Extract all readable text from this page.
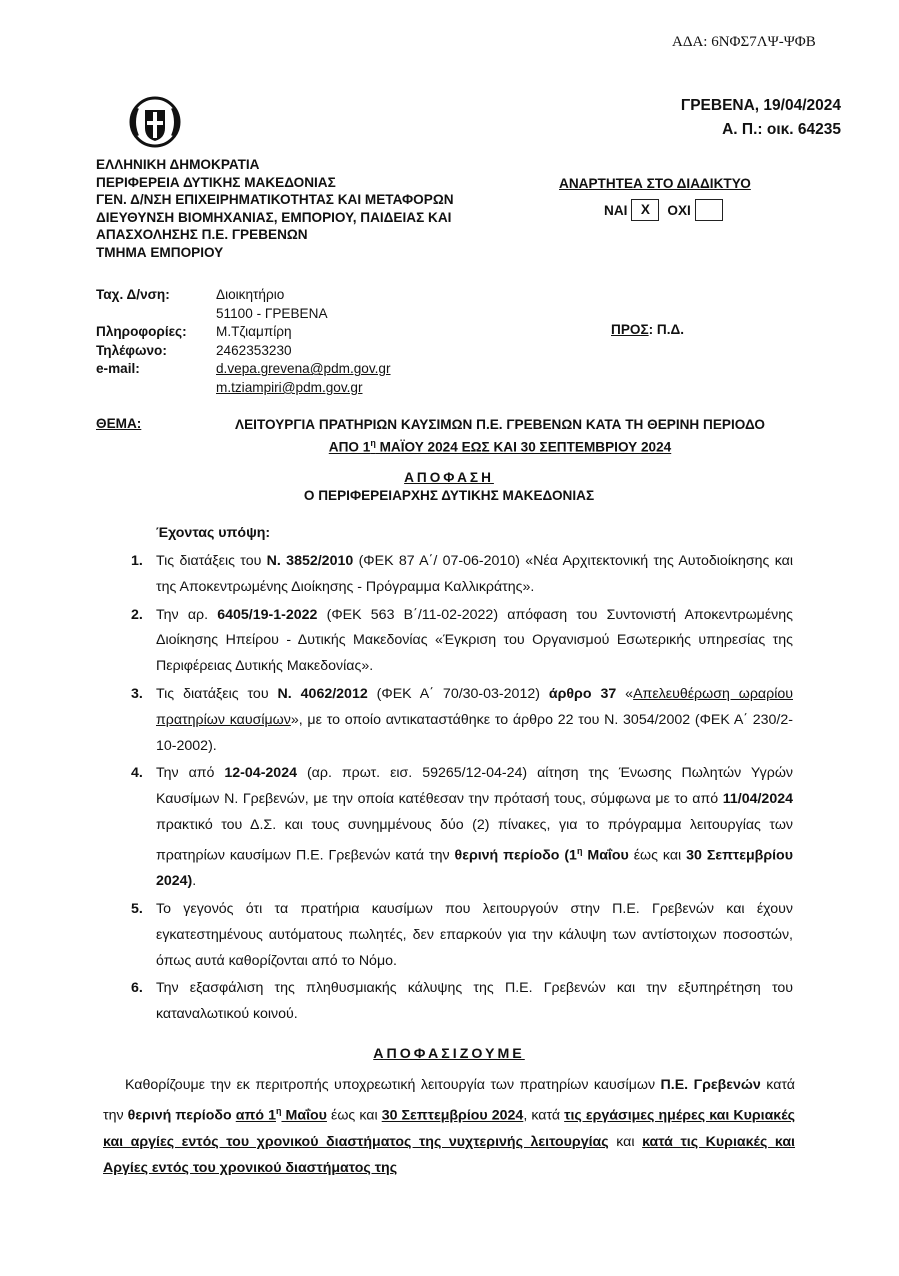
ΑΔΑ: 6ΝΦΣ7ΛΨ-ΨΦΒ
ΓΡΕΒΕΝΑ, 19/04/2024
Α. Π.: οικ. 64235
ΕΛΛΗΝΙΚΗ ΔΗΜΟΚΡΑΤΙΑ
ΠΕΡΙΦΕΡΕΙΑ ΔΥΤΙΚΗΣ ΜΑΚΕΔΟΝΙΑΣ
ΓΕΝ. Δ/ΝΣΗ ΕΠΙΧΕΙΡΗΜΑΤΙΚΟΤΗΤΑΣ ΚΑΙ ΜΕΤΑΦΟΡΩΝ
ΔΙΕΥΘΥΝΣΗ ΒΙΟΜΗΧΑΝΙΑΣ, ΕΜΠΟΡΙΟΥ, ΠΑΙΔΕΙΑΣ ΚΑΙ
ΑΠΑΣΧΟΛΗΣΗΣ Π.Ε. ΓΡΕΒΕΝΩΝ
ΤΜΗΜΑ ΕΜΠΟΡΙΟΥ
ΑΝΑΡΤΗΤΕΑ ΣΤΟ ΔΙΑΔΙΚΤΥΟ
ΝΑΙ X	ΟΧΙ
Ταχ. Δ/νση:	Διοικητήριο
51100 - ΓΡΕΒΕΝΑ
Πληροφορίες:	Μ.Τζιαμπίρη
Τηλέφωνο:	2462353230
e-mail:	d.vepa.grevena@pdm.gov.gr
m.tziampiri@pdm.gov.gr
ΠΡΟΣ: Π.Δ.
ΘΕΜΑ:	ΛΕΙΤΟΥΡΓΙΑ ΠΡΑΤΗΡΙΩΝ ΚΑΥΣΙΜΩΝ Π.Ε. ΓΡΕΒΕΝΩΝ ΚΑΤΑ ΤΗ ΘΕΡΙΝΗ ΠΕΡΙΟΔΟ
ΑΠΟ $1^\eta$ ΜΑΪΟΥ 2024 ΕΩΣ ΚΑΙ 30 ΣΕΠΤΕΜΒΡΙΟΥ 2024
ΑΠΟΦΑΣΗ
Ο ΠΕΡΙΦΕΡΕΙΑΡΧΗΣ ΔΥΤΙΚΗΣ ΜΑΚΕΔΟΝΙΑΣ
Έχοντας υπόψη:
1. Τις διατάξεις του Ν. 3852/2010 (ΦΕΚ 87 Α΄/ 07-06-2010) «Νέα Αρχιτεκτονική της Αυτοδιοίκησης και της Αποκεντρωμένης Διοίκησης - Πρόγραμμα Καλλικράτης».
2. Την αρ. 6405/19-1-2022 (ΦΕΚ 563 Β΄/11-02-2022) απόφαση του Συντονιστή Αποκεντρωμένης Διοίκησης Ηπείρου - Δυτικής Μακεδονίας «Έγκριση του Οργανισμού Εσωτερικής υπηρεσίας της Περιφέρειας Δυτικής Μακεδονίας».
3. Τις διατάξεις του Ν. 4062/2012 (ΦΕΚ Α΄ 70/30-03-2012) άρθρο 37 «Απελευθέρωση ωραρίου πρατηρίων καυσίμων», με το οποίο αντικαταστάθηκε το άρθρο 22 του Ν. 3054/2002 (ΦΕΚ Α΄ 230/2-10-2002).
4. Την από 12-04-2024 (αρ. πρωτ. εισ. 59265/12-04-24) αίτηση της Ένωσης Πωλητών Υγρών Καυσίμων Ν. Γρεβενών, με την οποία κατέθεσαν την πρότασή τους, σύμφωνα με το από 11/04/2024 πρακτικό του Δ.Σ. και τους συνημμένους δύο (2) πίνακες, για το πρόγραμμα λειτουργίας των πρατηρίων καυσίμων Π.Ε. Γρεβενών κατά την θερινή περίοδο ($1^\eta$ Μαΐου έως και 30 Σεπτεμβρίου 2024).
5. Το γεγονός ότι τα πρατήρια καυσίμων που λειτουργούν στην Π.Ε. Γρεβενών και έχουν εγκατεστημένους αυτόματους πωλητές, δεν επαρκούν για την κάλυψη των αντίστοιχων ποσοστών, όπως αυτά καθορίζονται από το Νόμο.
6. Την εξασφάλιση της πληθυσμιακής κάλυψης της Π.Ε. Γρεβενών και την εξυπηρέτηση του καταναλωτικού κοινού.
ΑΠΟΦΑΣΙΖΟΥΜΕ
Καθορίζουμε την εκ περιτροπής υποχρεωτική λειτουργία των πρατηρίων καυσίμων Π.Ε. Γρεβενών κατά την θερινή περίοδο από $1^\eta$ Μαΐου έως και 30 Σεπτεμβρίου 2024, κατά τις εργάσιμες ημέρες και Κυριακές και αργίες εντός του χρονικού διαστήματος της νυχτερινής λειτουργίας και κατά τις Κυριακές και Αργίες εντός του χρονικού διαστήματος της
